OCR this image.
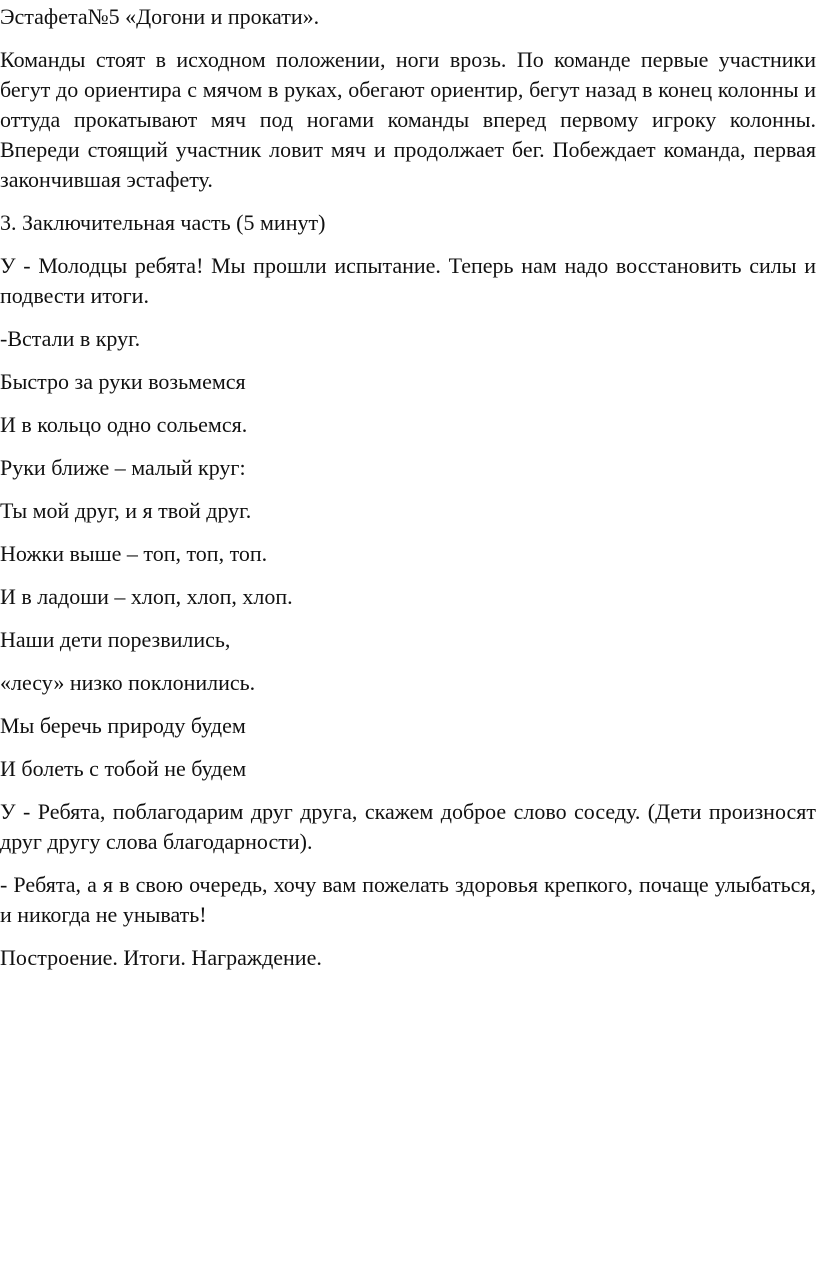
Эстафета№5 «Догони и прокати».

Команды стоят в исходном положении, ноги врозь. По команде первые участники бегут до ориентира с мячом в руках, обегают ориентир, бегут назад в конец колонны и оттуда прокатывают мяч под ногами команды вперед первому игроку колонны. Впереди стоящий участник ловит мяч и продолжает бег. Побеждает команда, первая закончившая эстафету.

3. Заключительная часть (5 минут)

У - Молодцы ребята! Мы прошли испытание. Теперь нам надо восстановить силы и подвести итоги.

-Встали в круг.

Быстро за руки возьмемся

И в кольцо одно сольемся.

Руки ближе – малый круг:

Ты мой друг, и я твой друг.

Ножки выше – топ, топ, топ.

И в ладоши – хлоп, хлоп, хлоп.

Наши дети порезвились,

«лесу» низко поклонились.

Мы беречь природу будем

И болеть с тобой не будем

У - Ребята, поблагодарим друг друга, скажем доброе слово соседу. (Дети произносят друг другу слова благодарности).

- Ребята, а я в свою очередь, хочу вам пожелать здоровья крепкого, почаще улыбаться, и никогда не унывать!

Построение. Итоги. Награждение.
